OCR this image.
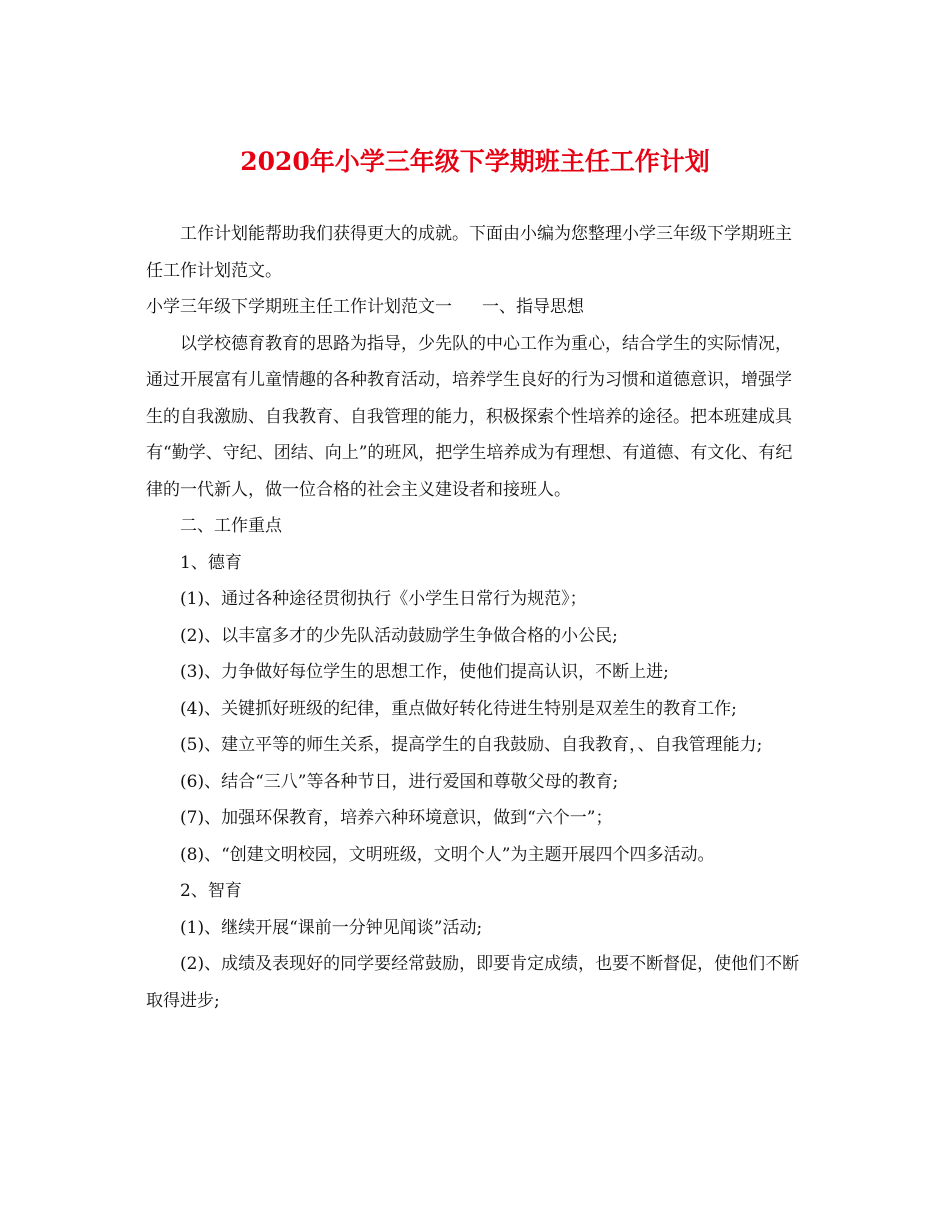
2020年小学三年级下学期班主任工作计划

工作计划能帮助我们获得更大的成就。下面由小编为您整理小学三年级下学期班主任工作计划范文。

小学三年级下学期班主任工作计划范文一 一、指导思想

以学校德育教育的思路为指导，少先队的中心工作为重心，结合学生的实际情况，通过开展富有儿童情趣的各种教育活动，培养学生良好的行为习惯和道德意识，增强学生的自我激励、自我教育、自我管理的能力，积极探索个性培养的途径。把本班建成具有“勤学、守纪、团结、向上”的班风，把学生培养成为有理想、有道德、有文化、有纪律的一代新人，做一位合格的社会主义建设者和接班人。

二、工作重点

1、德育

(1)、通过各种途径贯彻执行《小学生日常行为规范》；

(2)、以丰富多才的少先队活动鼓励学生争做合格的小公民;

(3)、力争做好每位学生的思想工作，使他们提高认识，不断上进;

(4)、关键抓好班级的纪律，重点做好转化待进生特别是双差生的教育工作;

(5)、建立平等的师生关系，提高学生的自我鼓励、自我教育，、自我管理能力;

(6)、结合“三八”等各种节日，进行爱国和尊敬父母的教育;

(7)、加强环保教育，培养六种环境意识，做到“六个一”；

(8)、“创建文明校园，文明班级，文明个人”为主题开展四个四多活动。

2、智育

(1)、继续开展“课前一分钟见闻谈”活动;

(2)、成绩及表现好的同学要经常鼓励，即要肯定成绩，也要不断督促，使他们不断取得进步;
